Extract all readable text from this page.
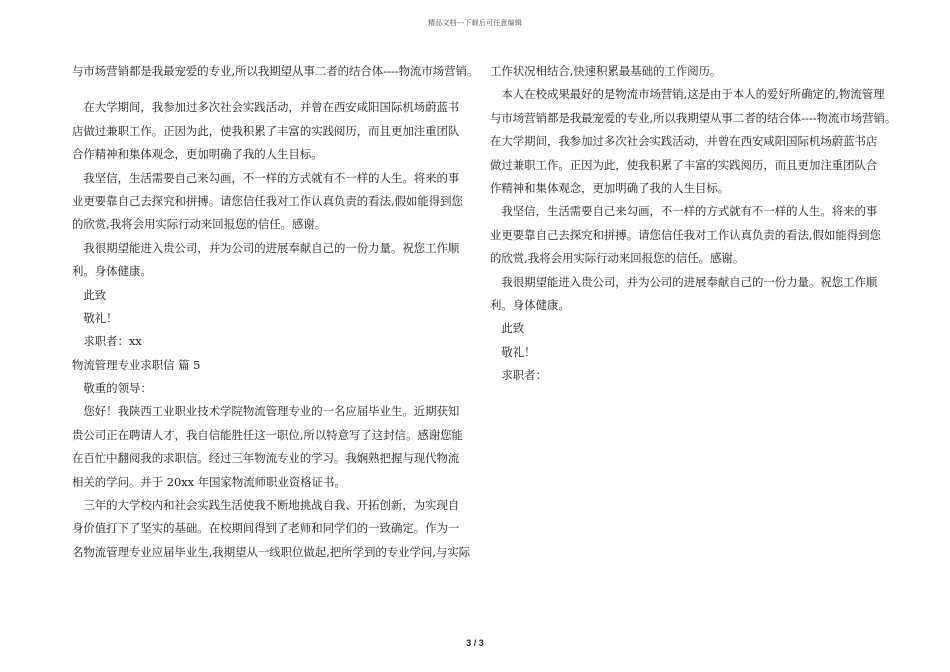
精品文档---下载后可任意编辑
与市场营销都是我最宠爱的专业,所以我期望从事二者的结合体----物流市场营销。
　在大学期间，我参加过多次社会实践活动，并曾在西安咸阳国际机场蔚蓝书
店做过兼职工作。正因为此，使我积累了丰富的实践阅历，而且更加注重团队
合作精神和集体观念，更加明确了我的人生目标。
　我坚信，生活需要自己来勾画，不一样的方式就有不一样的人生。将来的事
业更要靠自己去探究和拼搏。请您信任我对工作认真负责的看法,假如能得到您
的欣赏,我将会用实际行动来回报您的信任。感谢。
　我很期望能进入贵公司，并为公司的进展奉献自己的一份力量。祝您工作顺
利。身体健康。
　此致
　敬礼！
　求职者：xx
物流管理专业求职信 篇 5
　敬重的领导：
　您好！我陕西工业职业技术学院物流管理专业的一名应届毕业生。近期获知
贵公司正在聘请人才，我自信能胜任这一职位,所以特意写了这封信。感谢您能
在百忙中翻阅我的求职信。经过三年物流专业的学习。我娴熟把握与现代物流
相关的学问。并于 20xx 年国家物流师职业资格证书。
　三年的大学校内和社会实践生活使我不断地挑战自我、开拓创新，为实现自
身价值打下了坚实的基础。在校期间得到了老师和同学们的一致确定。作为一
名物流管理专业应届毕业生,我期望从一线职位做起,把所学到的专业学问,与实际
工作状况相结合,快速积累最基础的工作阅历。
　本人在校成果最好的是物流市场营销,这是由于本人的爱好所确定的,物流管理
与市场营销都是我最宠爱的专业,所以我期望从事二者的结合体----物流市场营销。
在大学期间，我参加过多次社会实践活动，并曾在西安咸阳国际机场蔚蓝书店
做过兼职工作。正因为此，使我积累了丰富的实践阅历，而且更加注重团队合
作精神和集体观念，更加明确了我的人生目标。
　我坚信，生活需要自己来勾画，不一样的方式就有不一样的人生。将来的事
业更要靠自己去探究和拼搏。请您信任我对工作认真负责的看法,假如能得到您
的欣赏,我将会用实际行动来回报您的信任。感谢。
　我很期望能进入贵公司，并为公司的进展奉献自己的一份力量。祝您工作顺
利。身体健康。
　此致
　敬礼！
　求职者：
3 / 3
